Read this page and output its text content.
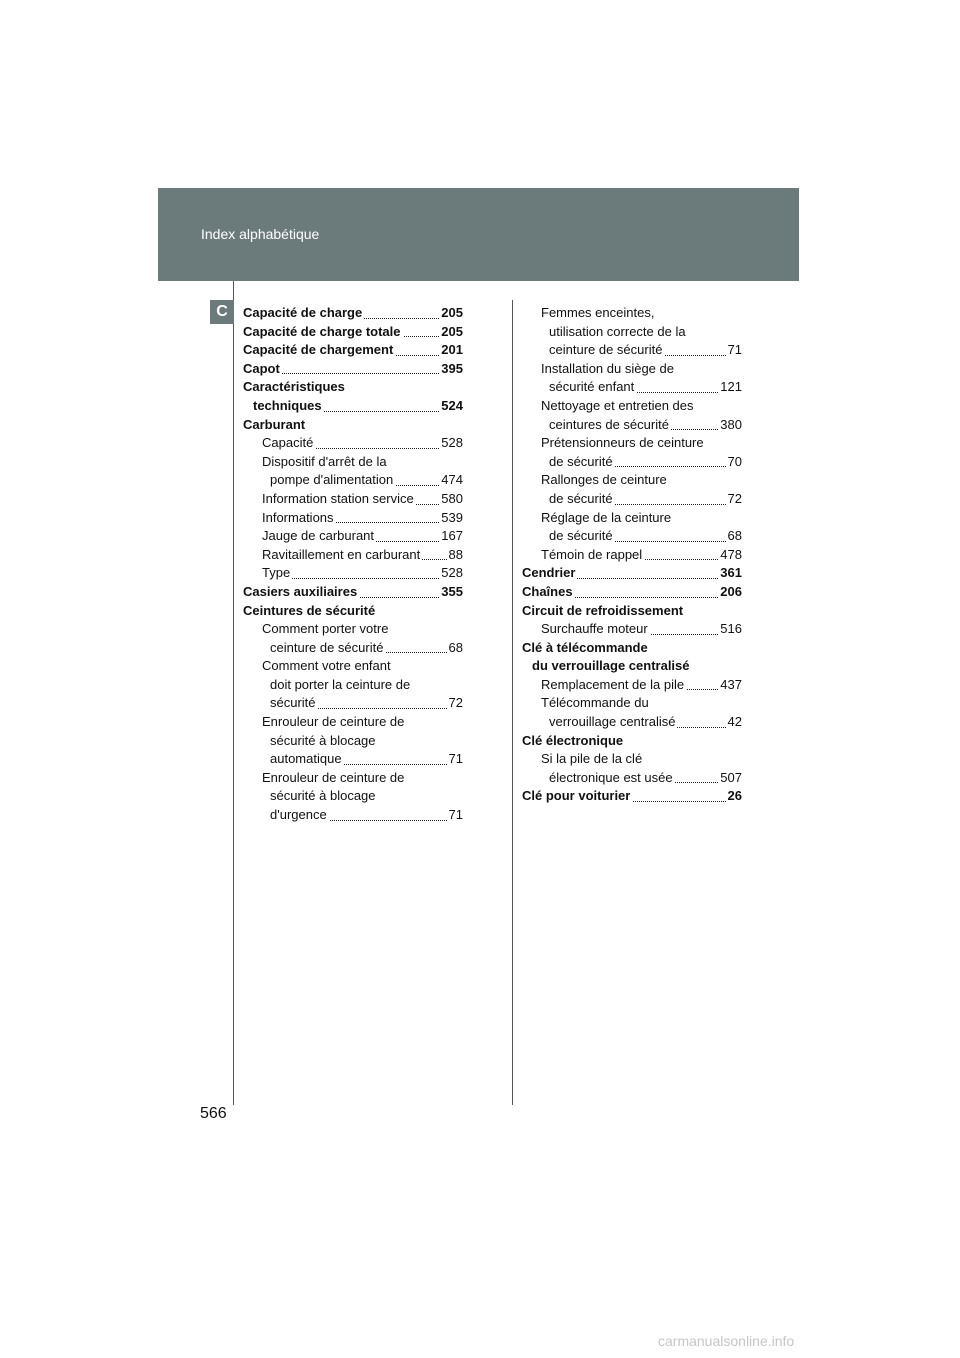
Index alphabétique
C	Capacité de charge	205
Capacité de charge totale	205
Capacité de chargement	201
Capot	395
Caractéristiques
techniques	524
Carburant
Capacité	528
Dispositif d'arrêt de la
pompe d'alimentation	474
Information station service 580
Informations	539
Jauge de carburant	167
Ravitaillement en carburant 88
Type	528
Casiers auxiliaires	355
Ceintures de sécurité
Comment porter votre
ceinture de sécurité	68
Comment votre enfant
doit porter la ceinture de
sécurité	72
Enrouleur de ceinture de
sécurité à blocage
automatique	71
Enrouleur de ceinture de
sécurité à blocage
d'urgence	71
Femmes enceintes,
utilisation correcte de la
ceinture de sécurité	71
Installation du siège de
sécurité enfant	121
Nettoyage et entretien des
ceintures de sécurité	380
Prétensionneurs de ceinture
de sécurité	70
Rallonges de ceinture
de sécurité	72
Réglage de la ceinture
de sécurité	68
Témoin de rappel	478
Cendrier	361
Chaînes	206
Circuit de refroidissement
Surchauffe moteur	516
Clé à télécommande
du verrouillage centralisé
Remplacement de la pile	437
Télécommande du
verrouillage centralisé	42
Clé électronique
Si la pile de la clé
électronique est usée	507
Clé pour voiturier	26
566
carmanualsonline.info
